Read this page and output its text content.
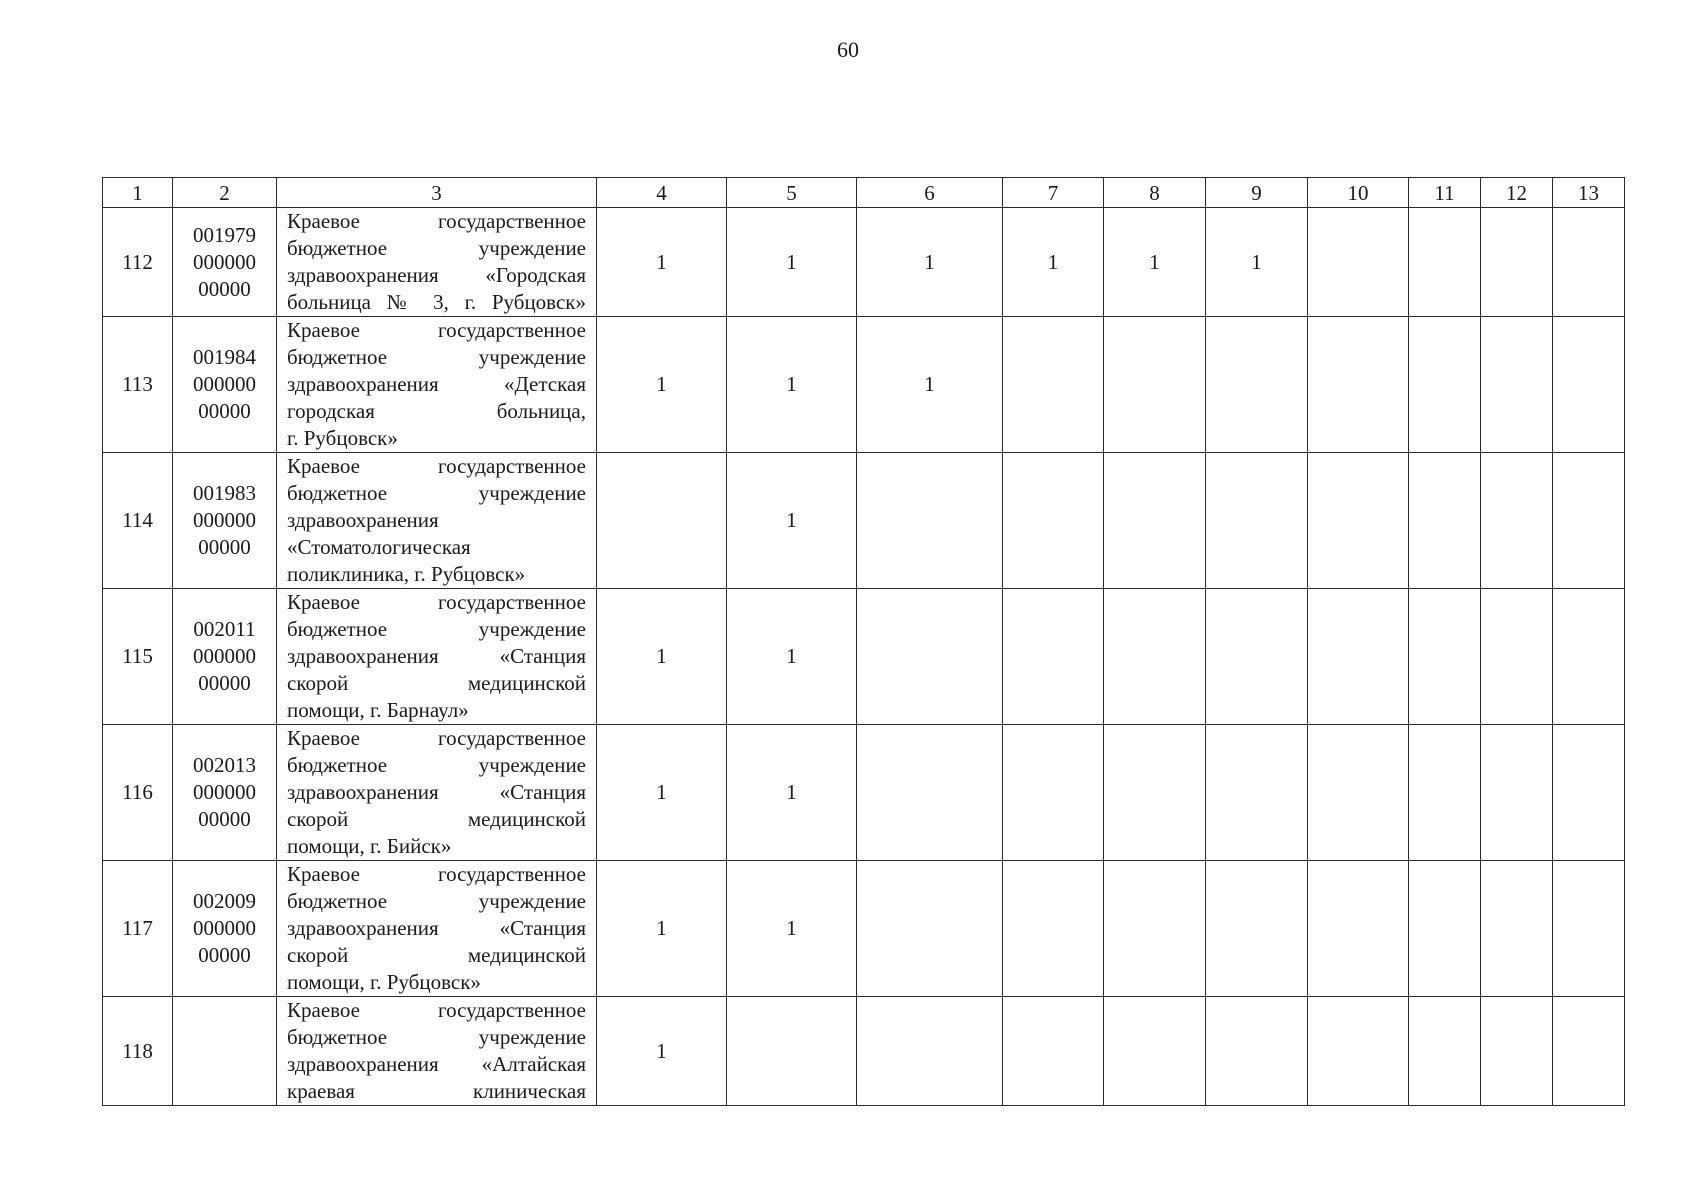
60
1	2	3	4	5	6	7	8	9	10	11	12	13
112	001979
000000
00000	Краевое государственное
бюджетное учреждение
здравоохранения «Городская
больница № 3, г. Рубцовск»	1	1	1	1	1	1				
113	001984
000000
00000	Краевое государственное
бюджетное учреждение
здравоохранения «Детская
городская больница,
г. Рубцовск»	1	1	1							
114	001983
000000
00000	Краевое государственное
бюджетное учреждение
здравоохранения
«Стоматологическая
поликлиника, г. Рубцовск»		1								
115	002011
000000
00000	Краевое государственное
бюджетное учреждение
здравоохранения «Станция
скорой медицинской
помощи, г. Барнаул»	1	1								
116	002013
000000
00000	Краевое государственное
бюджетное учреждение
здравоохранения «Станция
скорой медицинской
помощи, г. Бийск»	1	1								
117	002009
000000
00000	Краевое государственное
бюджетное учреждение
здравоохранения «Станция
скорой медицинской
помощи, г. Рубцовск»	1	1								
118		Краевое государственное
бюджетное учреждение
здравоохранения «Алтайская
краевая клиническая	1									
